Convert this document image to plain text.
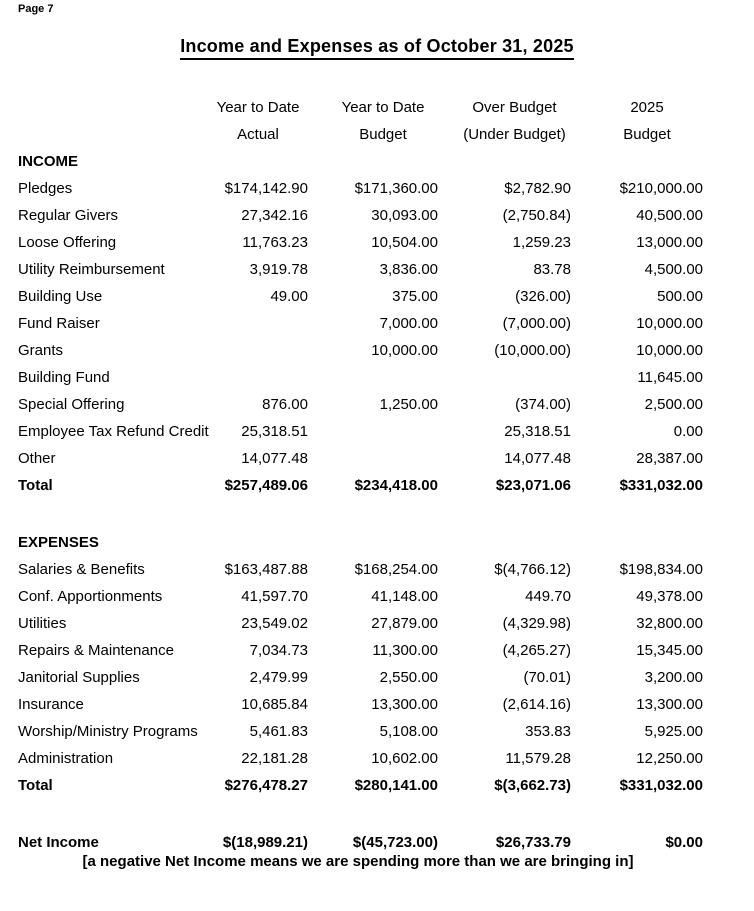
Page 7
Income and Expenses as of October 31, 2025
	Year to Date	Year to Date	Over Budget	2025
	Actual	Budget	(Under Budget)	Budget
INCOME				
Pledges	$174,142.90	$171,360.00	$2,782.90	$210,000.00
Regular Givers	27,342.16	30,093.00	(2,750.84)	40,500.00
Loose Offering	11,763.23	10,504.00	1,259.23	13,000.00
Utility Reimbursement	3,919.78	3,836.00	83.78	4,500.00
Building Use	49.00	375.00	(326.00)	500.00
Fund Raiser		7,000.00	(7,000.00)	10,000.00
Grants		10,000.00	(10,000.00)	10,000.00
Building Fund				11,645.00
Special Offering	876.00	1,250.00	(374.00)	2,500.00
Employee Tax Refund Credit	25,318.51		25,318.51	0.00
Other	14,077.48		14,077.48	28,387.00
Total	$257,489.06	$234,418.00	$23,071.06	$331,032.00

EXPENSES				
Salaries & Benefits	$163,487.88	$168,254.00	$(4,766.12)	$198,834.00
Conf. Apportionments	41,597.70	41,148.00	449.70	49,378.00
Utilities	23,549.02	27,879.00	(4,329.98)	32,800.00
Repairs & Maintenance	7,034.73	11,300.00	(4,265.27)	15,345.00
Janitorial Supplies	2,479.99	2,550.00	(70.01)	3,200.00
Insurance	10,685.84	13,300.00	(2,614.16)	13,300.00
Worship/Ministry Programs	5,461.83	5,108.00	353.83	5,925.00
Administration	22,181.28	10,602.00	11,579.28	12,250.00
Total	$276,478.27	$280,141.00	$(3,662.73)	$331,032.00

Net Income	$(18,989.21)	$(45,723.00)	$26,733.79	$0.00
[a negative Net Income means we are spending more than we are bringing in]
